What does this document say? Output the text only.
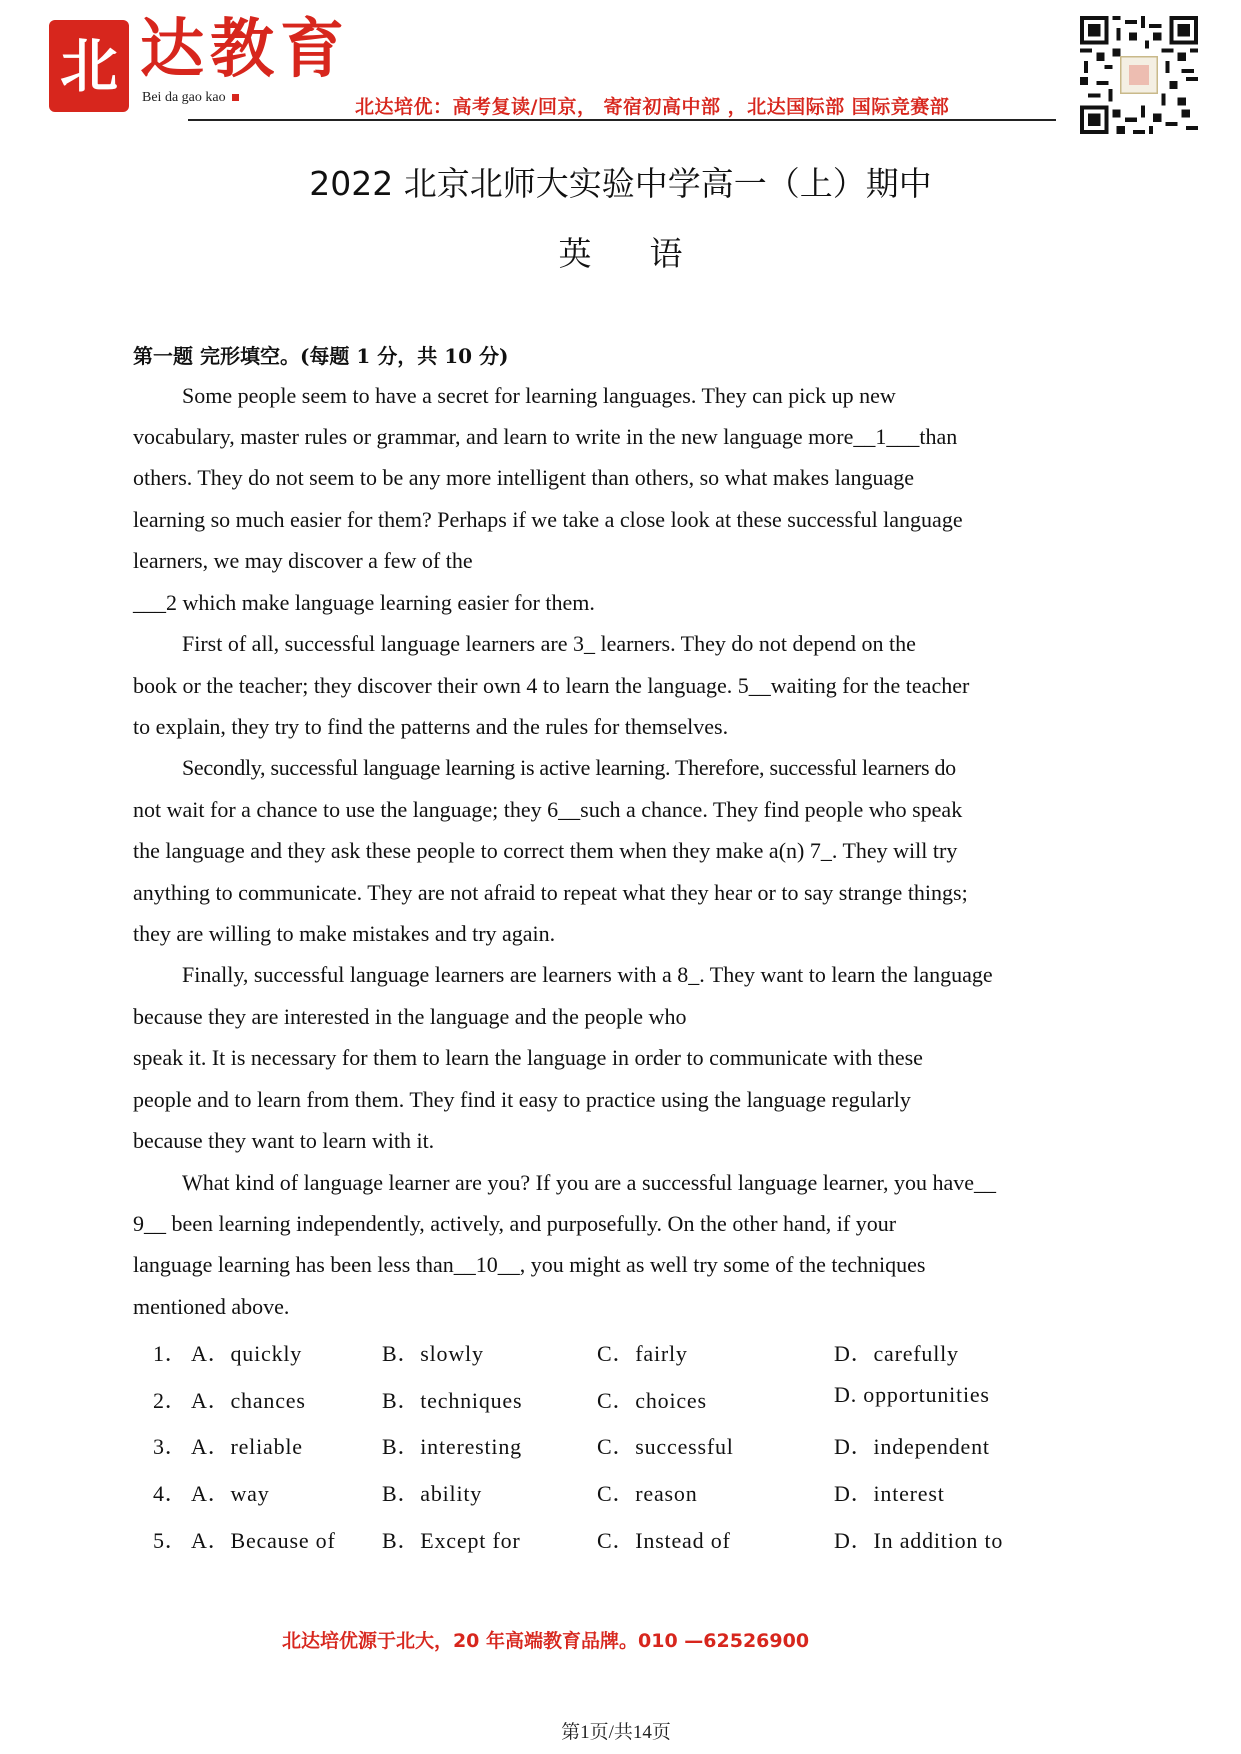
北 达教育
Bei da gao kao	北达培优：高考复读/回京， 寄宿初高中部 ，北达国际部 国际竞赛部
2022 北京北师大实验中学高一（上）期中
英语
第一题 完形填空。(每题 1 分，共 10 分)
Some people seem to have a secret for learning languages. They can pick up new
vocabulary, master rules or grammar, and learn to write in the new language more__1___than
others. They do not seem to be any more intelligent than others, so what makes language
learning so much easier for them? Perhaps if we take a close look at these successful language
learners, we may discover a few of the
___2 which make language learning easier for them.
First of all, successful language learners are 3_ learners. They do not depend on the
book or the teacher; they discover their own 4 to learn the language. 5__waiting for the teacher
to explain, they try to find the patterns and the rules for themselves.
Secondly, successful language learning is active learning. Therefore, successful learners do
not wait for a chance to use the language; they 6__such a chance. They find people who speak
the language and they ask these people to correct them when they make a(n) 7_. They will try
anything to communicate. They are not afraid to repeat what they hear or to say strange things;
they are willing to make mistakes and try again.
Finally, successful language learners are learners with a 8_. They want to learn the language
because they are interested in the language and the people who
speak it. It is necessary for them to learn the language in order to communicate with these
people and to learn from them. They find it easy to practice using the language regularly
because they want to learn with it.
What kind of language learner are you? If you are a successful language learner, you have__
9__ been learning independently, actively, and purposefully. On the other hand, if your
language learning has been less than__10__, you might as well try some of the techniques
mentioned above.
1． A．quickly	B．slowly	C．fairly	D．carefully
2． A．chances	B．techniques	C．choices	D. opportunities
3． A．reliable	B．interesting	C．successful	D．independent
4． A．way	B．ability	C．reason	D．interest
5． A．Because of B．Except for	C．Instead of	D．In addition to
北达培优源于北大，20 年高端教育品牌。010 —62526900
第1页/共14页
